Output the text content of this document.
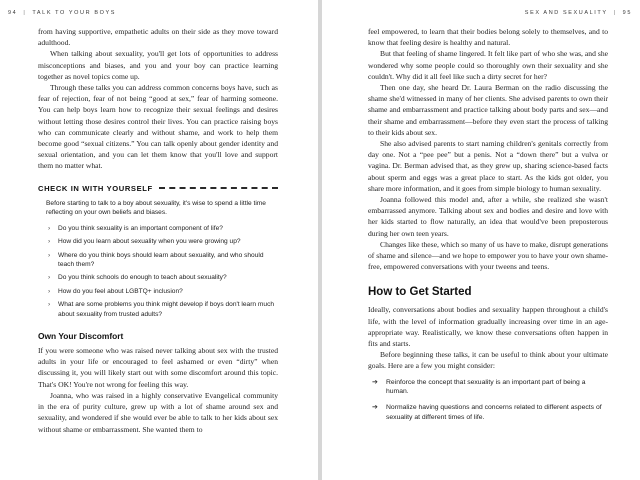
94 | TALK TO YOUR BOYS

from having supportive, empathetic adults on their side as they move toward adulthood.

When talking about sexuality, you'll get lots of opportunities to address misconceptions and biases, and you and your boy can practice learning together as novel topics come up.

Through these talks you can address common concerns boys have, such as fear of rejection, fear of not being “good at sex,” fear of harming someone. You can help boys learn how to recognize their sexual feelings and desires without letting those desires control their lives. You can practice raising boys who can communicate clearly and without shame, and work to help them become good “sexual citizens.” You can talk openly about gender identity and sexual orientation, and you can let them know that you'll love and support them no matter what.

CHECK IN WITH YOURSELF

Before starting to talk to a boy about sexuality, it's wise to spend a little time reflecting on your own beliefs and biases.

›	Do you think sexuality is an important component of life?
›	How did you learn about sexuality when you were growing up?
›	Where do you think boys should learn about sexuality, and who should teach them?
›	Do you think schools do enough to teach about sexuality?
›	How do you feel about LGBTQ+ inclusion?
›	What are some problems you think might develop if boys don't learn much about sexuality from trusted adults?
Own Your Discomfort

If you were someone who was raised never talking about sex with the trusted adults in your life or encouraged to feel ashamed or even “dirty” when discussing it, you will likely start out with some discomfort around this topic. That's OK! You're not wrong for feeling this way.

Joanna, who was raised in a highly conservative Evangelical community in the era of purity culture, grew up with a lot of shame around sex and sexuality, and wondered if she would ever be able to talk to her kids about sex without shame or embarrassment. She wanted them to

SEX AND SEXUALITY | 95

feel empowered, to learn that their bodies belong solely to themselves, and to know that feeling desire is healthy and natural.

But that feeling of shame lingered. It felt like part of who she was, and she wondered why some people could so thoroughly own their sexuality and she couldn't. Why did it all feel like such a dirty secret for her?

Then one day, she heard Dr. Laura Berman on the radio discussing the shame she'd witnessed in many of her clients. She advised parents to own their shame and embarrassment and practice talking about body parts and sex—and their shame and embarrassment—before they even start the process of talking to their kids about sex.

She also advised parents to start naming children's genitals correctly from day one. Not a “pee pee” but a penis. Not a “down there” but a vulva or vagina. Dr. Berman advised that, as they grew up, sharing science-based facts about sperm and eggs was a great place to start. As the kids got older, you share more information, and it goes from simple biology to human sexuality.

Joanna followed this model and, after a while, she realized she wasn't embarrassed anymore. Talking about sex and bodies and desire and love with her kids started to flow naturally, an idea that would've been preposterous during her own teen years.

Changes like these, which so many of us have to make, disrupt generations of shame and silence—and we hope to empower you to have your own shame-free, empowered conversations with your tweens and teens.

How to Get Started

Ideally, conversations about bodies and sexuality happen throughout a child's life, with the level of information gradually increasing over time in an age-appropriate way. Realistically, we know these conversations often happen in fits and starts.

Before beginning these talks, it can be useful to think about your ultimate goals. Here are a few you might consider:

➔	Reinforce the concept that sexuality is an important part of being a human.
➔	Normalize having questions and concerns related to different aspects of sexuality at different times of life.
